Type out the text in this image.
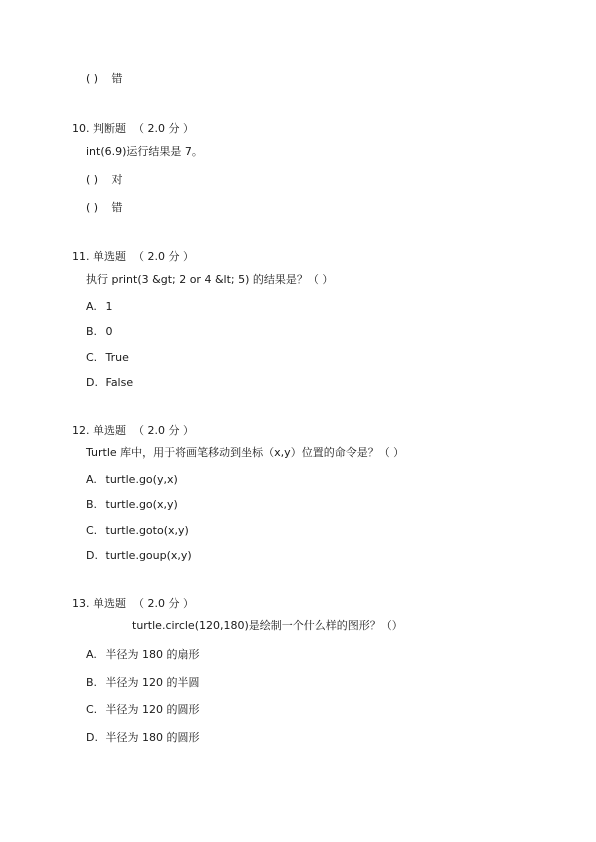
( ) 错
10. 判断题 （ 2.0 分 ）
int(6.9)运行结果是 7。
( ) 对
( ) 错
11. 单选题 （ 2.0 分 ）
执行 print(3 &gt; 2 or 4 &lt; 5) 的结果是？（ ）
A. 1
B. 0
C. True
D. False
12. 单选题 （ 2.0 分 ）
Turtle 库中，用于将画笔移动到坐标（x,y）位置的命令是？（ ）
A. turtle.go(y,x)
B. turtle.go(x,y)
C. turtle.goto(x,y)
D. turtle.goup(x,y)
13. 单选题 （ 2.0 分 ）
turtle.circle(120,180)是绘制一个什么样的图形？（）
A. 半径为 180 的扇形
B. 半径为 120 的半圆
C. 半径为 120 的圆形
D. 半径为 180 的圆形
